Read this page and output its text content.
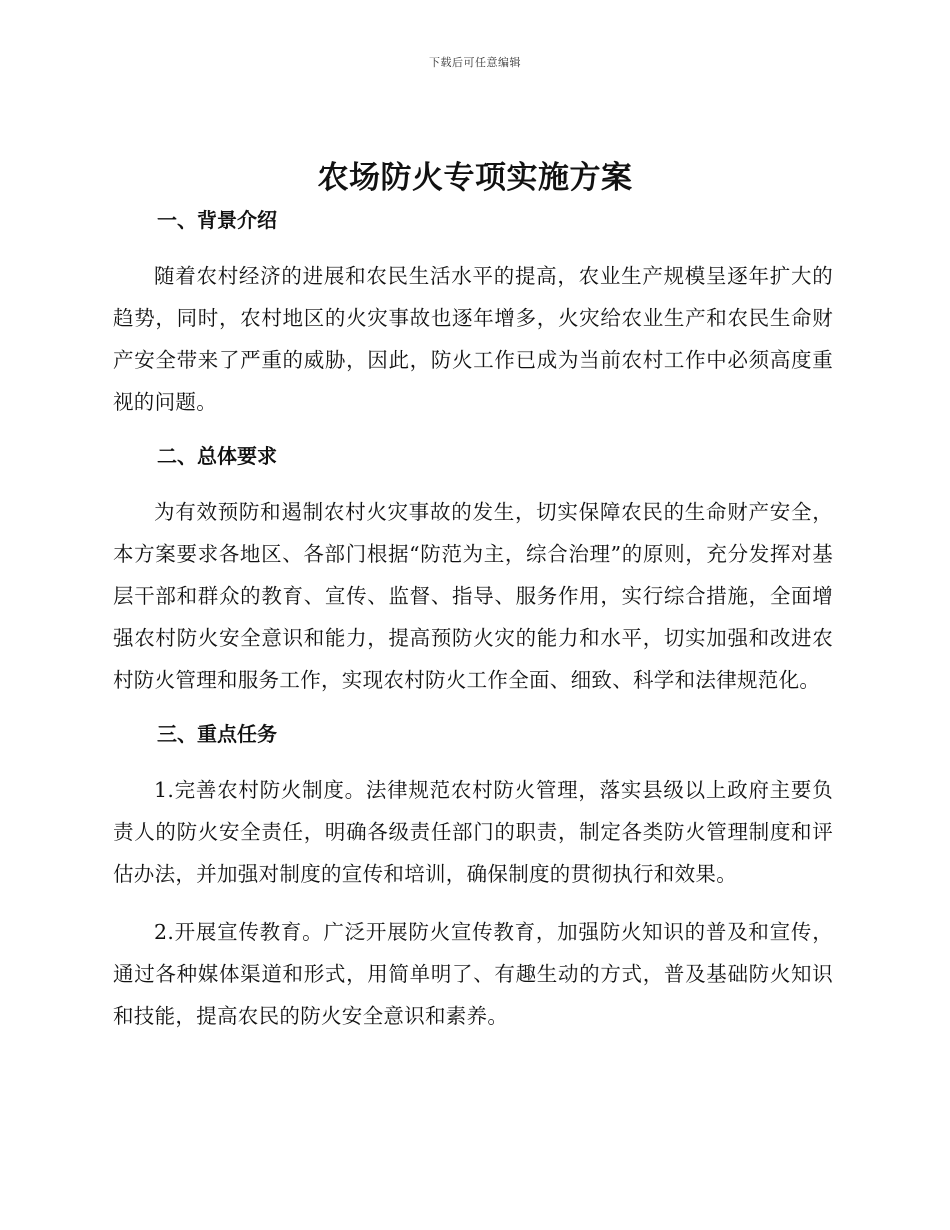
下载后可任意编辑
农场防火专项实施方案
一、背景介绍

随着农村经济的进展和农民生活水平的提高，农业生产规模呈逐年扩大的趋势，同时，农村地区的火灾事故也逐年增多，火灾给农业生产和农民生命财产安全带来了严重的威胁，因此，防火工作已成为当前农村工作中必须高度重视的问题。

二、总体要求

为有效预防和遏制农村火灾事故的发生，切实保障农民的生命财产安全，本方案要求各地区、各部门根据“防范为主，综合治理”的原则，充分发挥对基层干部和群众的教育、宣传、监督、指导、服务作用，实行综合措施，全面增强农村防火安全意识和能力，提高预防火灾的能力和水平，切实加强和改进农村防火管理和服务工作，实现农村防火工作全面、细致、科学和法律规范化。

三、重点任务

1.完善农村防火制度。法律规范农村防火管理，落实县级以上政府主要负责人的防火安全责任，明确各级责任部门的职责，制定各类防火管理制度和评估办法，并加强对制度的宣传和培训，确保制度的贯彻执行和效果。

2.开展宣传教育。广泛开展防火宣传教育，加强防火知识的普及和宣传，通过各种媒体渠道和形式，用简单明了、有趣生动的方式，普及基础防火知识和技能，提高农民的防火安全意识和素养。
